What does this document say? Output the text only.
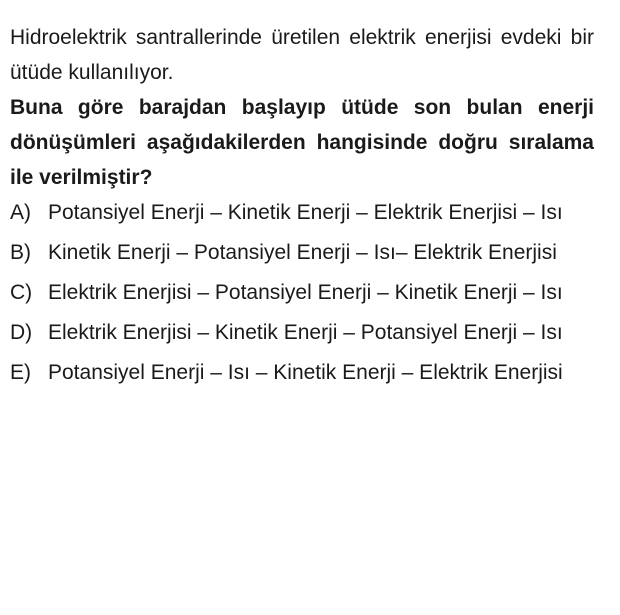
Hidroelektrik santrallerinde üretilen elektrik enerjisi evdeki bir ütüde kullanılıyor.

Buna göre barajdan başlayıp ütüde son bulan enerji dönüşümleri aşağıdakilerden hangisinde doğru sıralama ile verilmiştir?

A) Potansiyel Enerji – Kinetik Enerji – Elektrik Enerjisi – Isı
B) Kinetik Enerji – Potansiyel Enerji – Isı– Elektrik Enerjisi
C) Elektrik Enerjisi – Potansiyel Enerji – Kinetik Enerji – Isı
D) Elektrik Enerjisi – Kinetik Enerji – Potansiyel Enerji – Isı
E) Potansiyel Enerji – Isı – Kinetik Enerji – Elektrik Enerjisi
